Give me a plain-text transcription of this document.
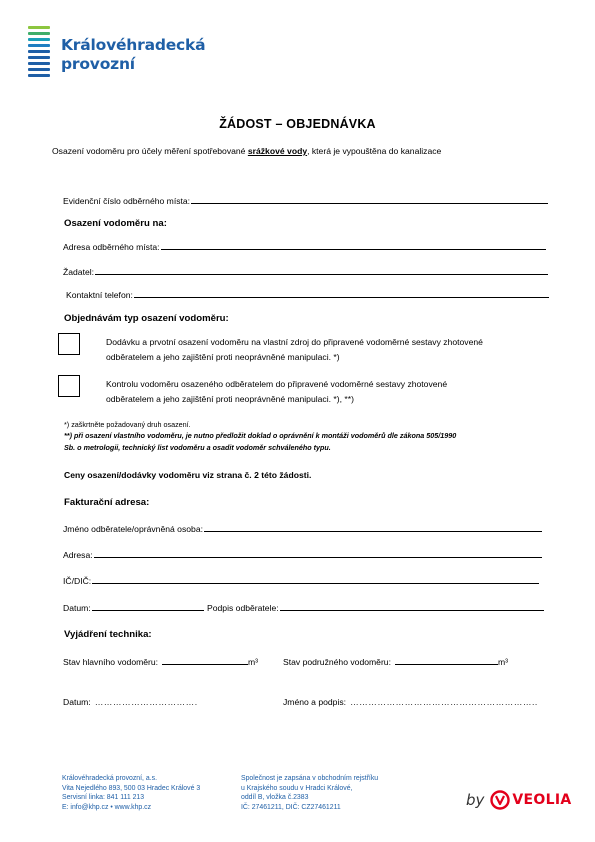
Královéhradecká
provozní
ŽÁDOST – OBJEDNÁVKA
Osazení vodoměru pro účely měření spotřebované srážkové vody, která je vypouštěna do kanalizace
Evidenční číslo odběrného místa:
Osazení vodoměru na:
Adresa odběrného místa:
Žadatel:
Kontaktní telefon:
Objednávám typ osazení vodoměru:
Dodávku a prvotní osazení vodoměru na vlastní zdroj do připravené vodoměrné sestavy zhotovené
odběratelem a jeho zajištění proti neoprávněné manipulaci. *)
Kontrolu vodoměru osazeného odběratelem do připravené vodoměrné sestavy zhotovené
odběratelem a jeho zajištění proti neoprávněné manipulaci. *), **)
*) zaškrtněte požadovaný druh osazení.
**) při osazení vlastního vodoměru, je nutno předložit doklad o oprávnění k montáži vodoměrů dle zákona 505/1990
Sb. o metrologii, technický list vodoměru a osadit vodoměr schváleného typu.
Ceny osazení/dodávky vodoměru viz strana č. 2 této žádosti.
Fakturační adresa:
Jméno odběratele/oprávněná osoba:
Adresa:
IČ/DIČ:
Datum:	Podpis odběratele:
Vyjádření technika:
Stav hlavního vodoměru:	m³	Stav podružného vodoměru:	m³
Datum: …………………………….	Jméno a podpis: ……………………………………………………..
Královéhradecká provozní, a.s.
Vita Nejedlého 893, 500 03 Hradec Králové 3
Servisní linka: 841 111 213
E: info@khp.cz • www.khp.cz
Společnost je zapsána v obchodním rejstříku
u Krajského soudu v Hradci Králové,
oddíl B, vložka č.2383
IČ: 27461211, DIČ: CZ27461211	by VEOLIA
